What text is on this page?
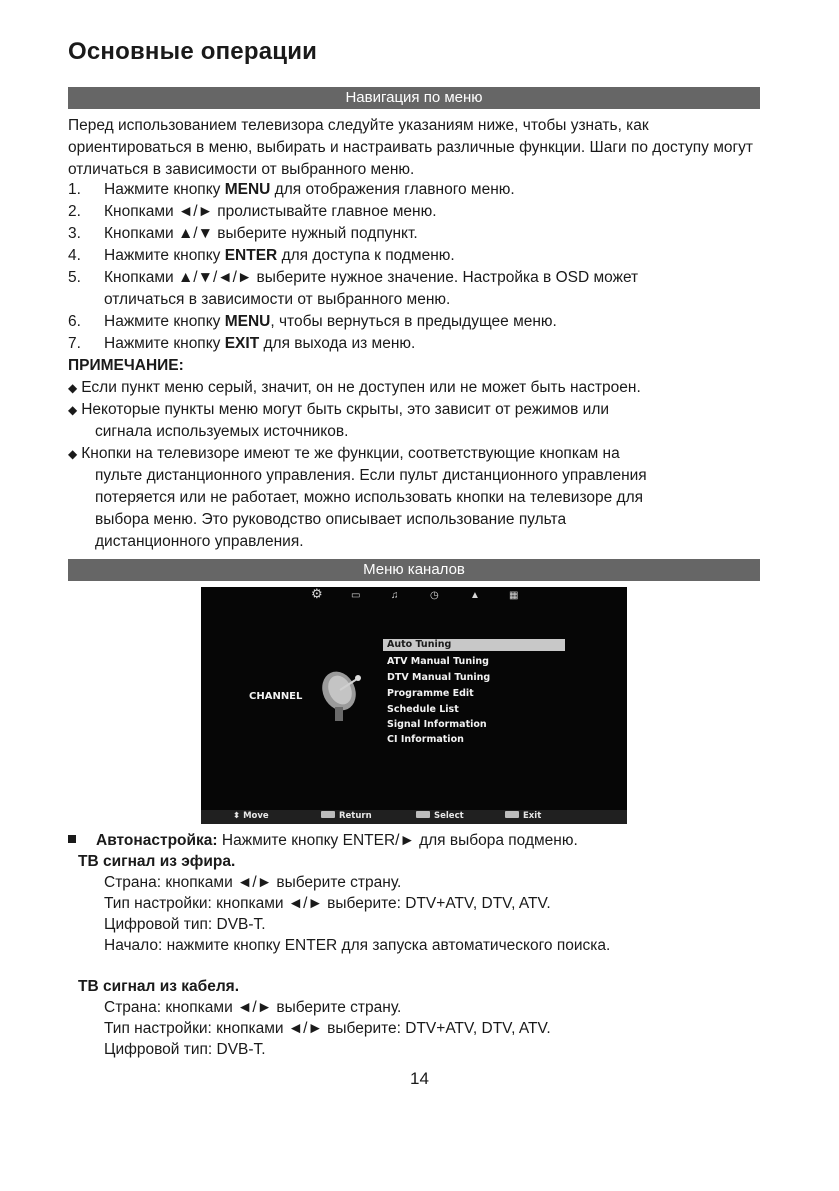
Основные операции
Навигация по меню
Перед использованием телевизора следуйте указаниям ниже, чтобы узнать, как ориентироваться в меню, выбирать и настраивать различные функции. Шаги по доступу могут отличаться в зависимости от выбранного меню.
1. Нажмите кнопку MENU для отображения главного меню.
2. Кнопками ◄/► пролистывайте главное меню.
3. Кнопками ▲/▼ выберите нужный подпункт.
4. Нажмите кнопку ENTER для доступа к подменю.
5. Кнопками ▲/▼/◄/► выберите нужное значение. Настройка в OSD может
отличаться в зависимости от выбранного меню.
6. Нажмите кнопку MENU, чтобы вернуться в предыдущее меню.
7. Нажмите кнопку EXIT для выхода из меню.
ПРИМЕЧАНИЕ:
◆ Если пункт меню серый, значит, он не доступен или не может быть настроен.
◆ Некоторые пункты меню могут быть скрыты, это зависит от режимов или
сигнала используемых источников.
◆ Кнопки на телевизоре имеют те же функции, соответствующие кнопкам на
пульте дистанционного управления. Если пульт дистанционного управления
потеряется или не работает, можно использовать кнопки на телевизоре для
выбора меню. Это руководство описывает использование пульта
дистанционного управления.
Меню каналов
⚙	▭	♫	◷	▲	▦
CHANNEL
Auto Tuning
ATV Manual Tuning
DTV Manual Tuning
Programme Edit
Schedule List
Signal Information
CI Information
⬍ Move	Return	Select	Exit
Автонастройка: Нажмите кнопку ENTER/► для выбора подменю.
ТВ сигнал из эфира.
Страна: кнопками ◄/► выберите страну.
Тип настройки: кнопками ◄/► выберите: DTV+ATV, DTV, ATV.
Цифровой тип: DVB-T.
Начало: нажмите кнопку ENTER для запуска автоматического поиска.
ТВ сигнал из кабеля.
Страна: кнопками ◄/► выберите страну.
Тип настройки: кнопками ◄/► выберите: DTV+ATV, DTV, ATV.
Цифровой тип: DVB-T.
14
